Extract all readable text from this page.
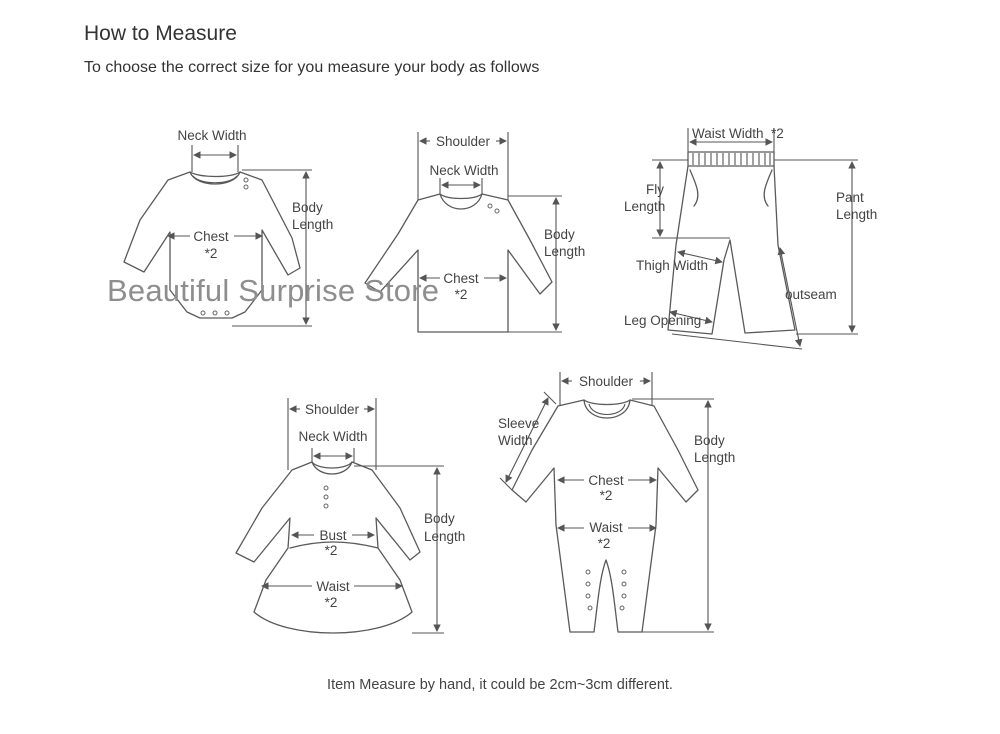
How to Measure
To choose the correct size for you measure your body as follows
Neck Width
Body
Length
Chest
*2
Shoulder
Neck Width
Body
Length
Chest
*2
Waist Width *2
Fly
Length
Pant
Length
Thigh Width
outseam
Leg Opening
Shoulder
Neck Width
Body
Length
Bust
*2
Waist
*2
Shoulder
Sleeve
Width	Body
Length
Chest
*2
Waist
*2
Beautiful Surprise Store
Item Measure by hand, it could be 2cm~3cm different.
